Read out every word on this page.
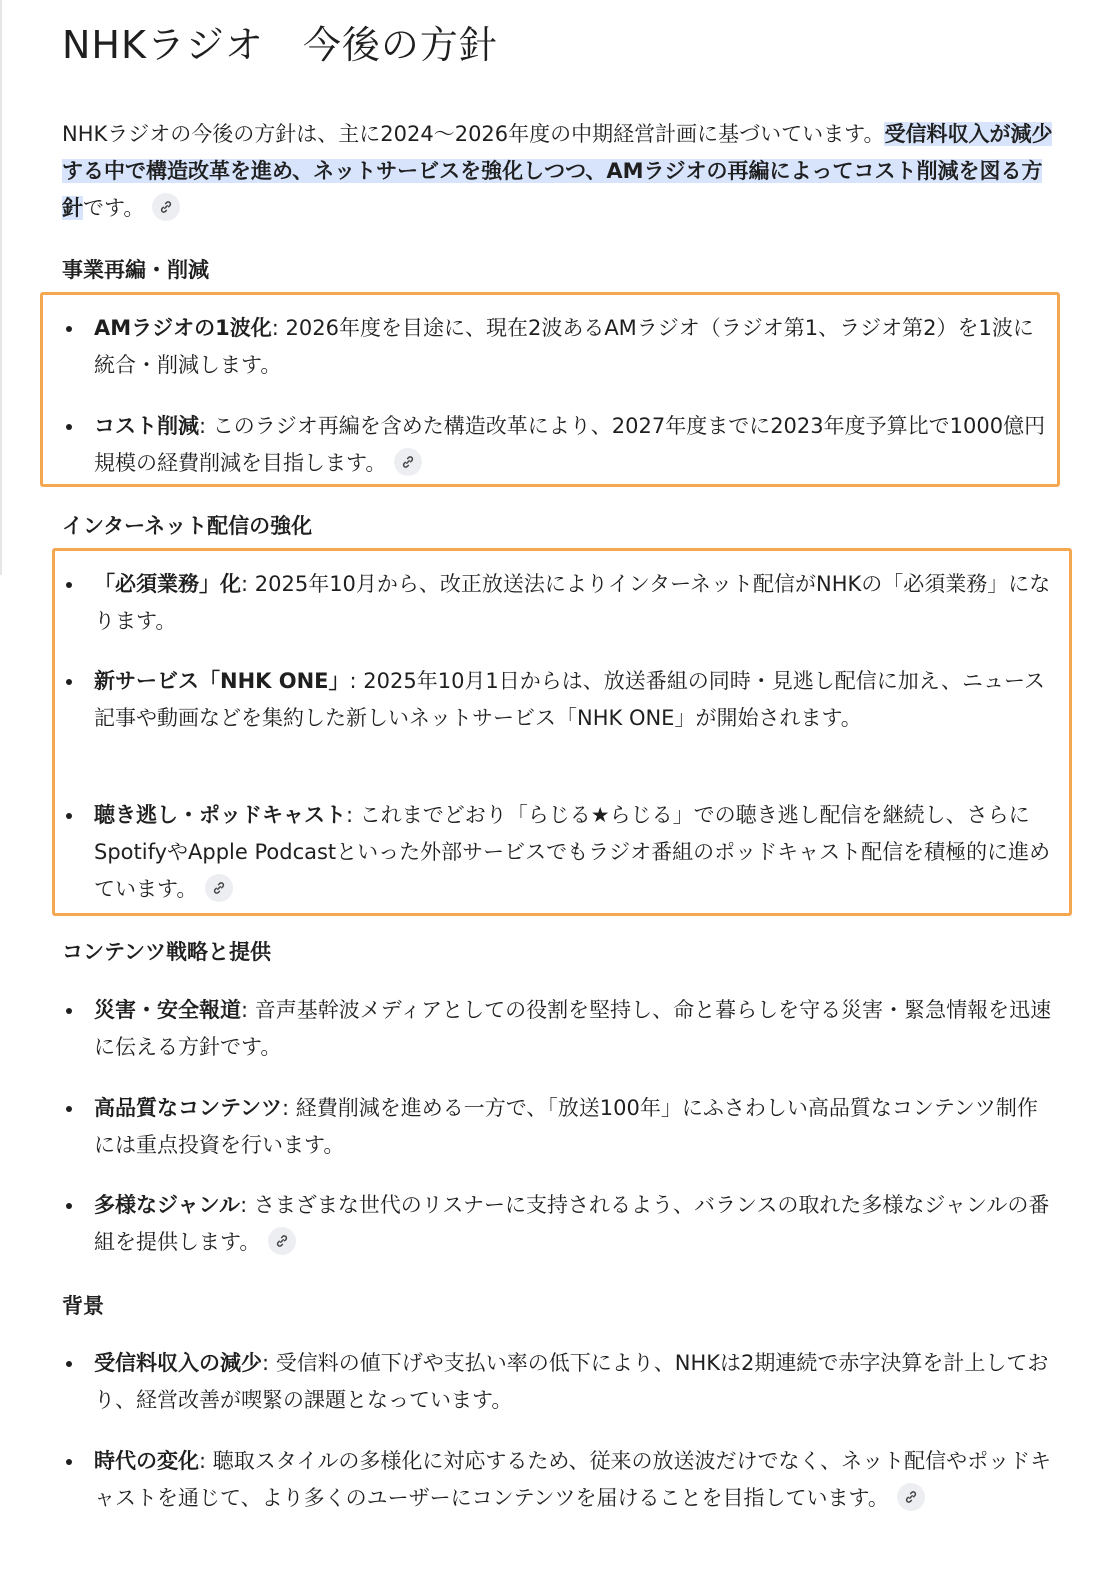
NHKラジオ　今後の方針

NHKラジオの今後の方針は、主に2024〜2026年度の中期経営計画に基づいています。受信料収入が減少する中で構造改革を進め、ネットサービスを強化しつつ、AMラジオの再編によってコスト削減を図る方針です。

事業再編・削減
AMラジオの1波化: 2026年度を目途に、現在2波あるAMラジオ（ラジオ第1、ラジオ第2）を1波に統合・削減します。
コスト削減: このラジオ再編を含めた構造改革により、2027年度までに2023年度予算比で1000億円規模の経費削減を目指します。
インターネット配信の強化
「必須業務」化: 2025年10月から、改正放送法によりインターネット配信がNHKの「必須業務」になります。
新サービス「NHK ONE」: 2025年10月1日からは、放送番組の同時・見逃し配信に加え、ニュース記事や動画などを集約した新しいネットサービス「NHK ONE」が開始されます。
聴き逃し・ポッドキャスト: これまでどおり「らじる★らじる」での聴き逃し配信を継続し、さらにSpotifyやApple Podcastといった外部サービスでもラジオ番組のポッドキャスト配信を積極的に進めています。
コンテンツ戦略と提供
災害・安全報道: 音声基幹波メディアとしての役割を堅持し、命と暮らしを守る災害・緊急情報を迅速に伝える方針です。
高品質なコンテンツ: 経費削減を進める一方で、「放送100年」にふさわしい高品質なコンテンツ制作には重点投資を行います。
多様なジャンル: さまざまな世代のリスナーに支持されるよう、バランスの取れた多様なジャンルの番組を提供します。
背景
受信料収入の減少: 受信料の値下げや支払い率の低下により、NHKは2期連続で赤字決算を計上しており、経営改善が喫緊の課題となっています。
時代の変化: 聴取スタイルの多様化に対応するため、従来の放送波だけでなく、ネット配信やポッドキャストを通じて、より多くのユーザーにコンテンツを届けることを目指しています。
